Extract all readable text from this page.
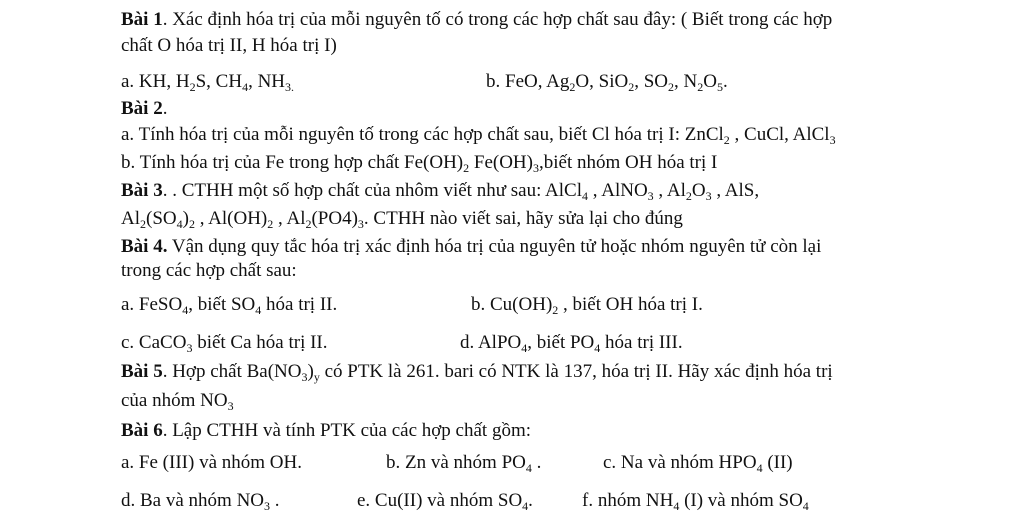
Bài 1. Xác định hóa trị của mỗi nguyên tố có trong các hợp chất sau đây: ( Biết trong các hợp
chất O hóa trị II, H hóa trị I)
a. KH, $H_2S$, $CH_4$, $NH_{3.}$	b. FeO, $Ag_2O$, SiO$_2$, $SO_2$, $N_2O_5$.
Bài 2.
a. Tính hóa trị của mỗi nguyên tố trong các hợp chất sau, biết Cl hóa trị I: ZnCl$_2$ , CuCl, AlCl$_3$
b. Tính hóa trị của Fe trong hợp chất $Fe(OH)_2$ $Fe(OH)_3,biết$ nhóm OH hóa trị I
Bài 3. . CTHH một số hợp chất của nhôm viết như sau: AlCl$_4$ , AlNO$_3$ , $Al_2O_3$ , AlS,
$Al_2(SO_4)_2$ , $Al(OH)_2$ , $Al_2(PO4)_3$. CTHH nào viết sai, hãy sửa lại cho đúng
Bài 4. Vận dụng quy tắc hóa trị xác định hóa trị của nguyên tử hoặc nhóm nguyên tử còn lại
trong các hợp chất sau:
a. FeSO$_4$, biết $SO_4$ hóa trị II.	b. $Cu(OH)_2$ , biết OH hóa trị I.
c. CaCO$_3$ biết Ca hóa trị II.	d. AlPO$_4$, biết $PO_4$ hóa trị III.
Bài 5. Hợp chất $Ba(NO_3)_y$ có PTK là 261. bari có NTK là 137, hóa trị II. Hãy xác định hóa trị
của nhóm $NO_3$
Bài 6. Lập CTHH và tính PTK của các hợp chất gồm:
a. Fe (III) và nhóm OH.	b. Zn và nhóm $PO_4$ .	c. Na và nhóm $HPO_4$ (II)
d. Ba và nhóm $NO_3$ .	e. Cu(II) và nhóm $SO_4$.	f. nhóm $NH_4$ (I) và nhóm $SO_4$
